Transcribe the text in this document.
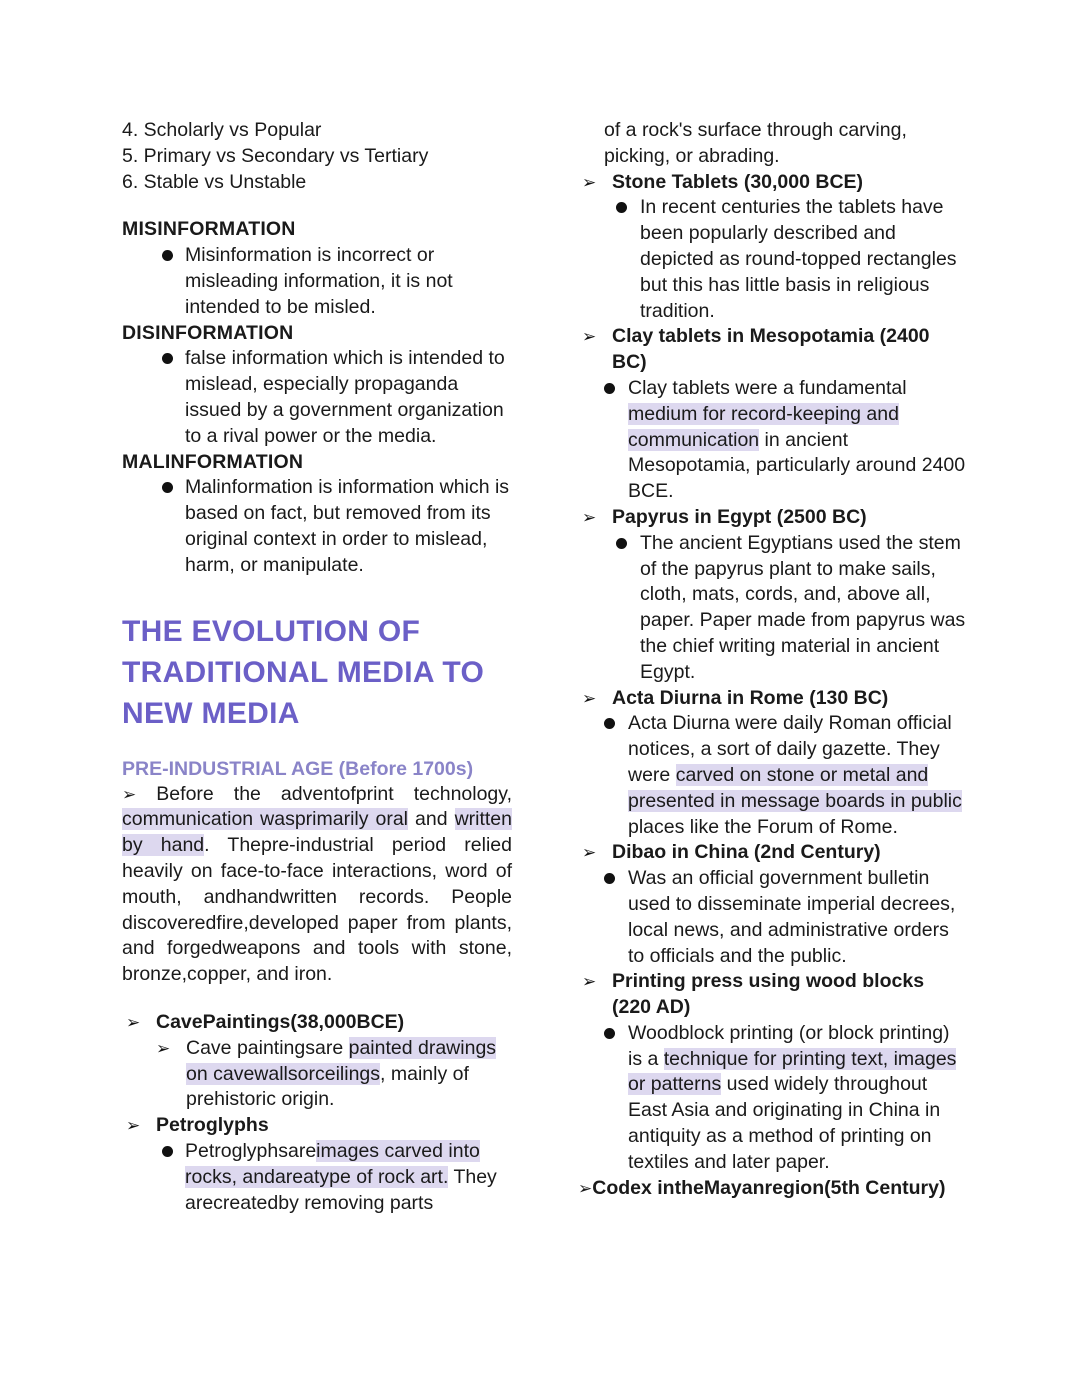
4. Scholarly vs Popular
5. Primary vs Secondary vs Tertiary
6. Stable vs Unstable
MISINFORMATION
Misinformation is incorrect or misleading information, it is not intended to be misled.
DISINFORMATION
false information which is intended to mislead, especially propaganda issued by a government organization to a rival power or the media.
MALINFORMATION
Malinformation is information which is based on fact, but removed from its original context in order to mislead, harm, or manipulate.
THE EVOLUTION OF TRADITIONAL MEDIA TO NEW MEDIA
PRE-INDUSTRIAL AGE (Before 1700s)
➢ Before the adventofprint technology, communication wasprimarily oral and written by hand. Thepre-industrial period relied heavily on face-to-face interactions, word of mouth, andhandwritten records. People discoveredfire,developed paper from plants, and forgedweapons and tools with stone, bronze,copper, and iron.
➢ CavePaintings(38,000BCE)
➢ Cave paintingsare painted drawings on cavewallsorceilings, mainly of prehistoric origin.
➢ Petroglyphs
Petroglyphsareimages carved into rocks, andareatype of rock art. They arecreatedby removing parts
of a rock's surface through carving, picking, or abrading.
➢ Stone Tablets (30,000 BCE)
In recent centuries the tablets have been popularly described and depicted as round-topped rectangles but this has little basis in religious tradition.
➢ Clay tablets in Mesopotamia (2400 BC)
Clay tablets were a fundamental medium for record-keeping and communication in ancient Mesopotamia, particularly around 2400 BCE.
➢ Papyrus in Egypt (2500 BC)
The ancient Egyptians used the stem of the papyrus plant to make sails, cloth, mats, cords, and, above all, paper. Paper made from papyrus was the chief writing material in ancient Egypt.
➢ Acta Diurna in Rome (130 BC)
Acta Diurna were daily Roman official notices, a sort of daily gazette. They were carved on stone or metal and presented in message boards in public places like the Forum of Rome.
➢ Dibao in China (2nd Century)
Was an official government bulletin used to disseminate imperial decrees, local news, and administrative orders to officials and the public.
➢ Printing press using wood blocks (220 AD)
Woodblock printing (or block printing) is a technique for printing text, images or patterns used widely throughout East Asia and originating in China in antiquity as a method of printing on textiles and later paper.
➢Codex intheMayanregion(5th Century)
